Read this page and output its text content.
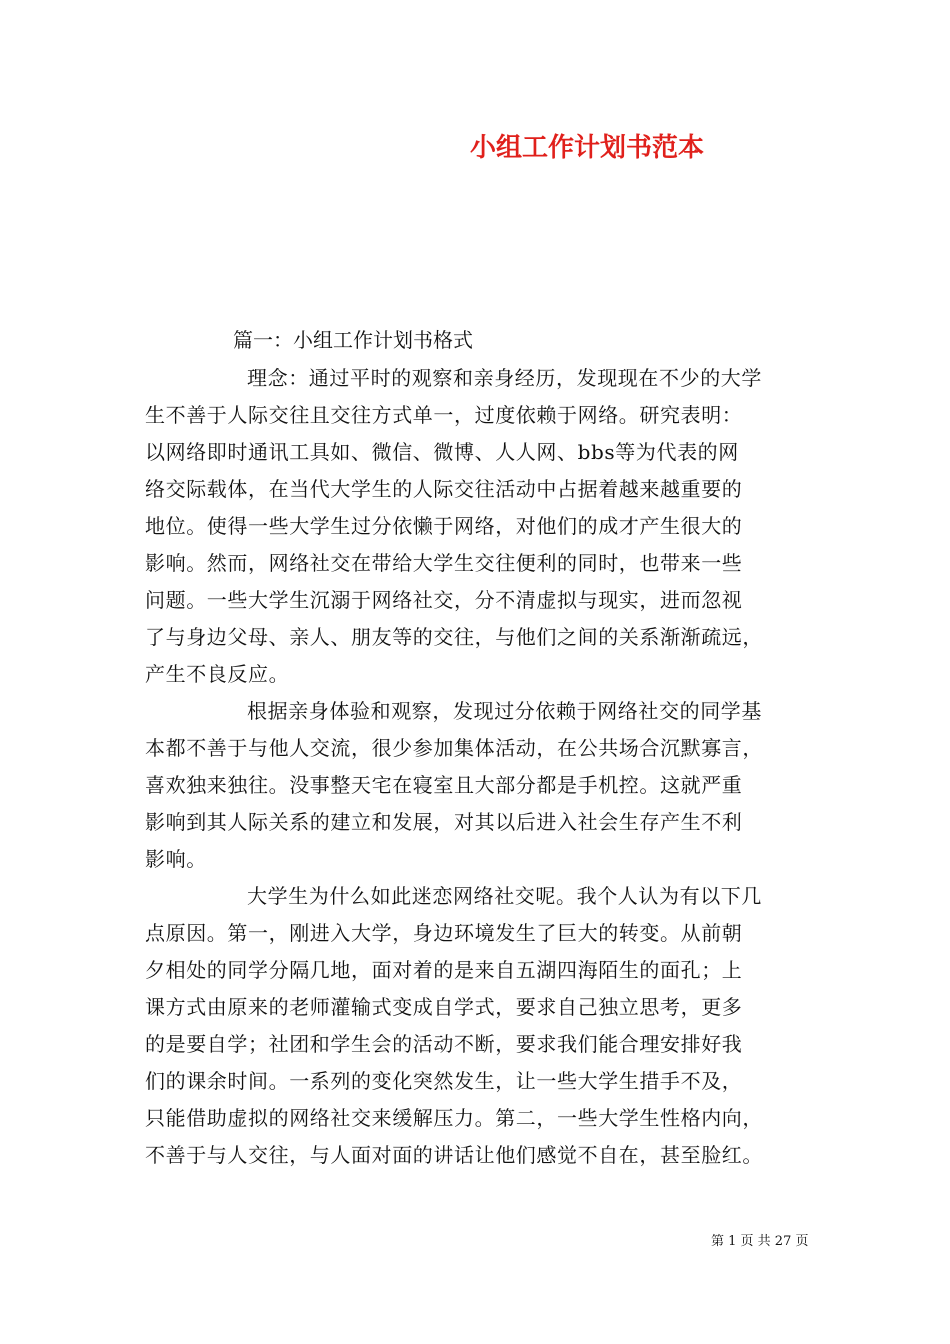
小组工作计划书范本

篇一：小组工作计划书格式

理念：通过平时的观察和亲身经历，发现现在不少的大学

生不善于人际交往且交往方式单一，过度依赖于网络。研究表明：

以网络即时通讯工具如、微信、微博、人人网、bbs等为代表的网

络交际载体，在当代大学生的人际交往活动中占据着越来越重要的

地位。使得一些大学生过分依懒于网络，对他们的成才产生很大的

影响。然而，网络社交在带给大学生交往便利的同时，也带来一些

问题。一些大学生沉溺于网络社交，分不清虚拟与现实，进而忽视

了与身边父母、亲人、朋友等的交往，与他们之间的关系渐渐疏远，

产生不良反应。

根据亲身体验和观察，发现过分依赖于网络社交的同学基

本都不善于与他人交流，很少参加集体活动，在公共场合沉默寡言，

喜欢独来独往。没事整天宅在寝室且大部分都是手机控。这就严重

影响到其人际关系的建立和发展，对其以后进入社会生存产生不利

影响。

大学生为什么如此迷恋网络社交呢。我个人认为有以下几

点原因。第一，刚进入大学，身边环境发生了巨大的转变。从前朝

夕相处的同学分隔几地，面对着的是来自五湖四海陌生的面孔；上

课方式由原来的老师灌输式变成自学式，要求自己独立思考，更多

的是要自学；社团和学生会的活动不断，要求我们能合理安排好我

们的课余时间。一系列的变化突然发生，让一些大学生措手不及，

只能借助虚拟的网络社交来缓解压力。第二，一些大学生性格内向，

不善于与人交往，与人面对面的讲话让他们感觉不自在，甚至脸红。

第 1 页 共 27 页
